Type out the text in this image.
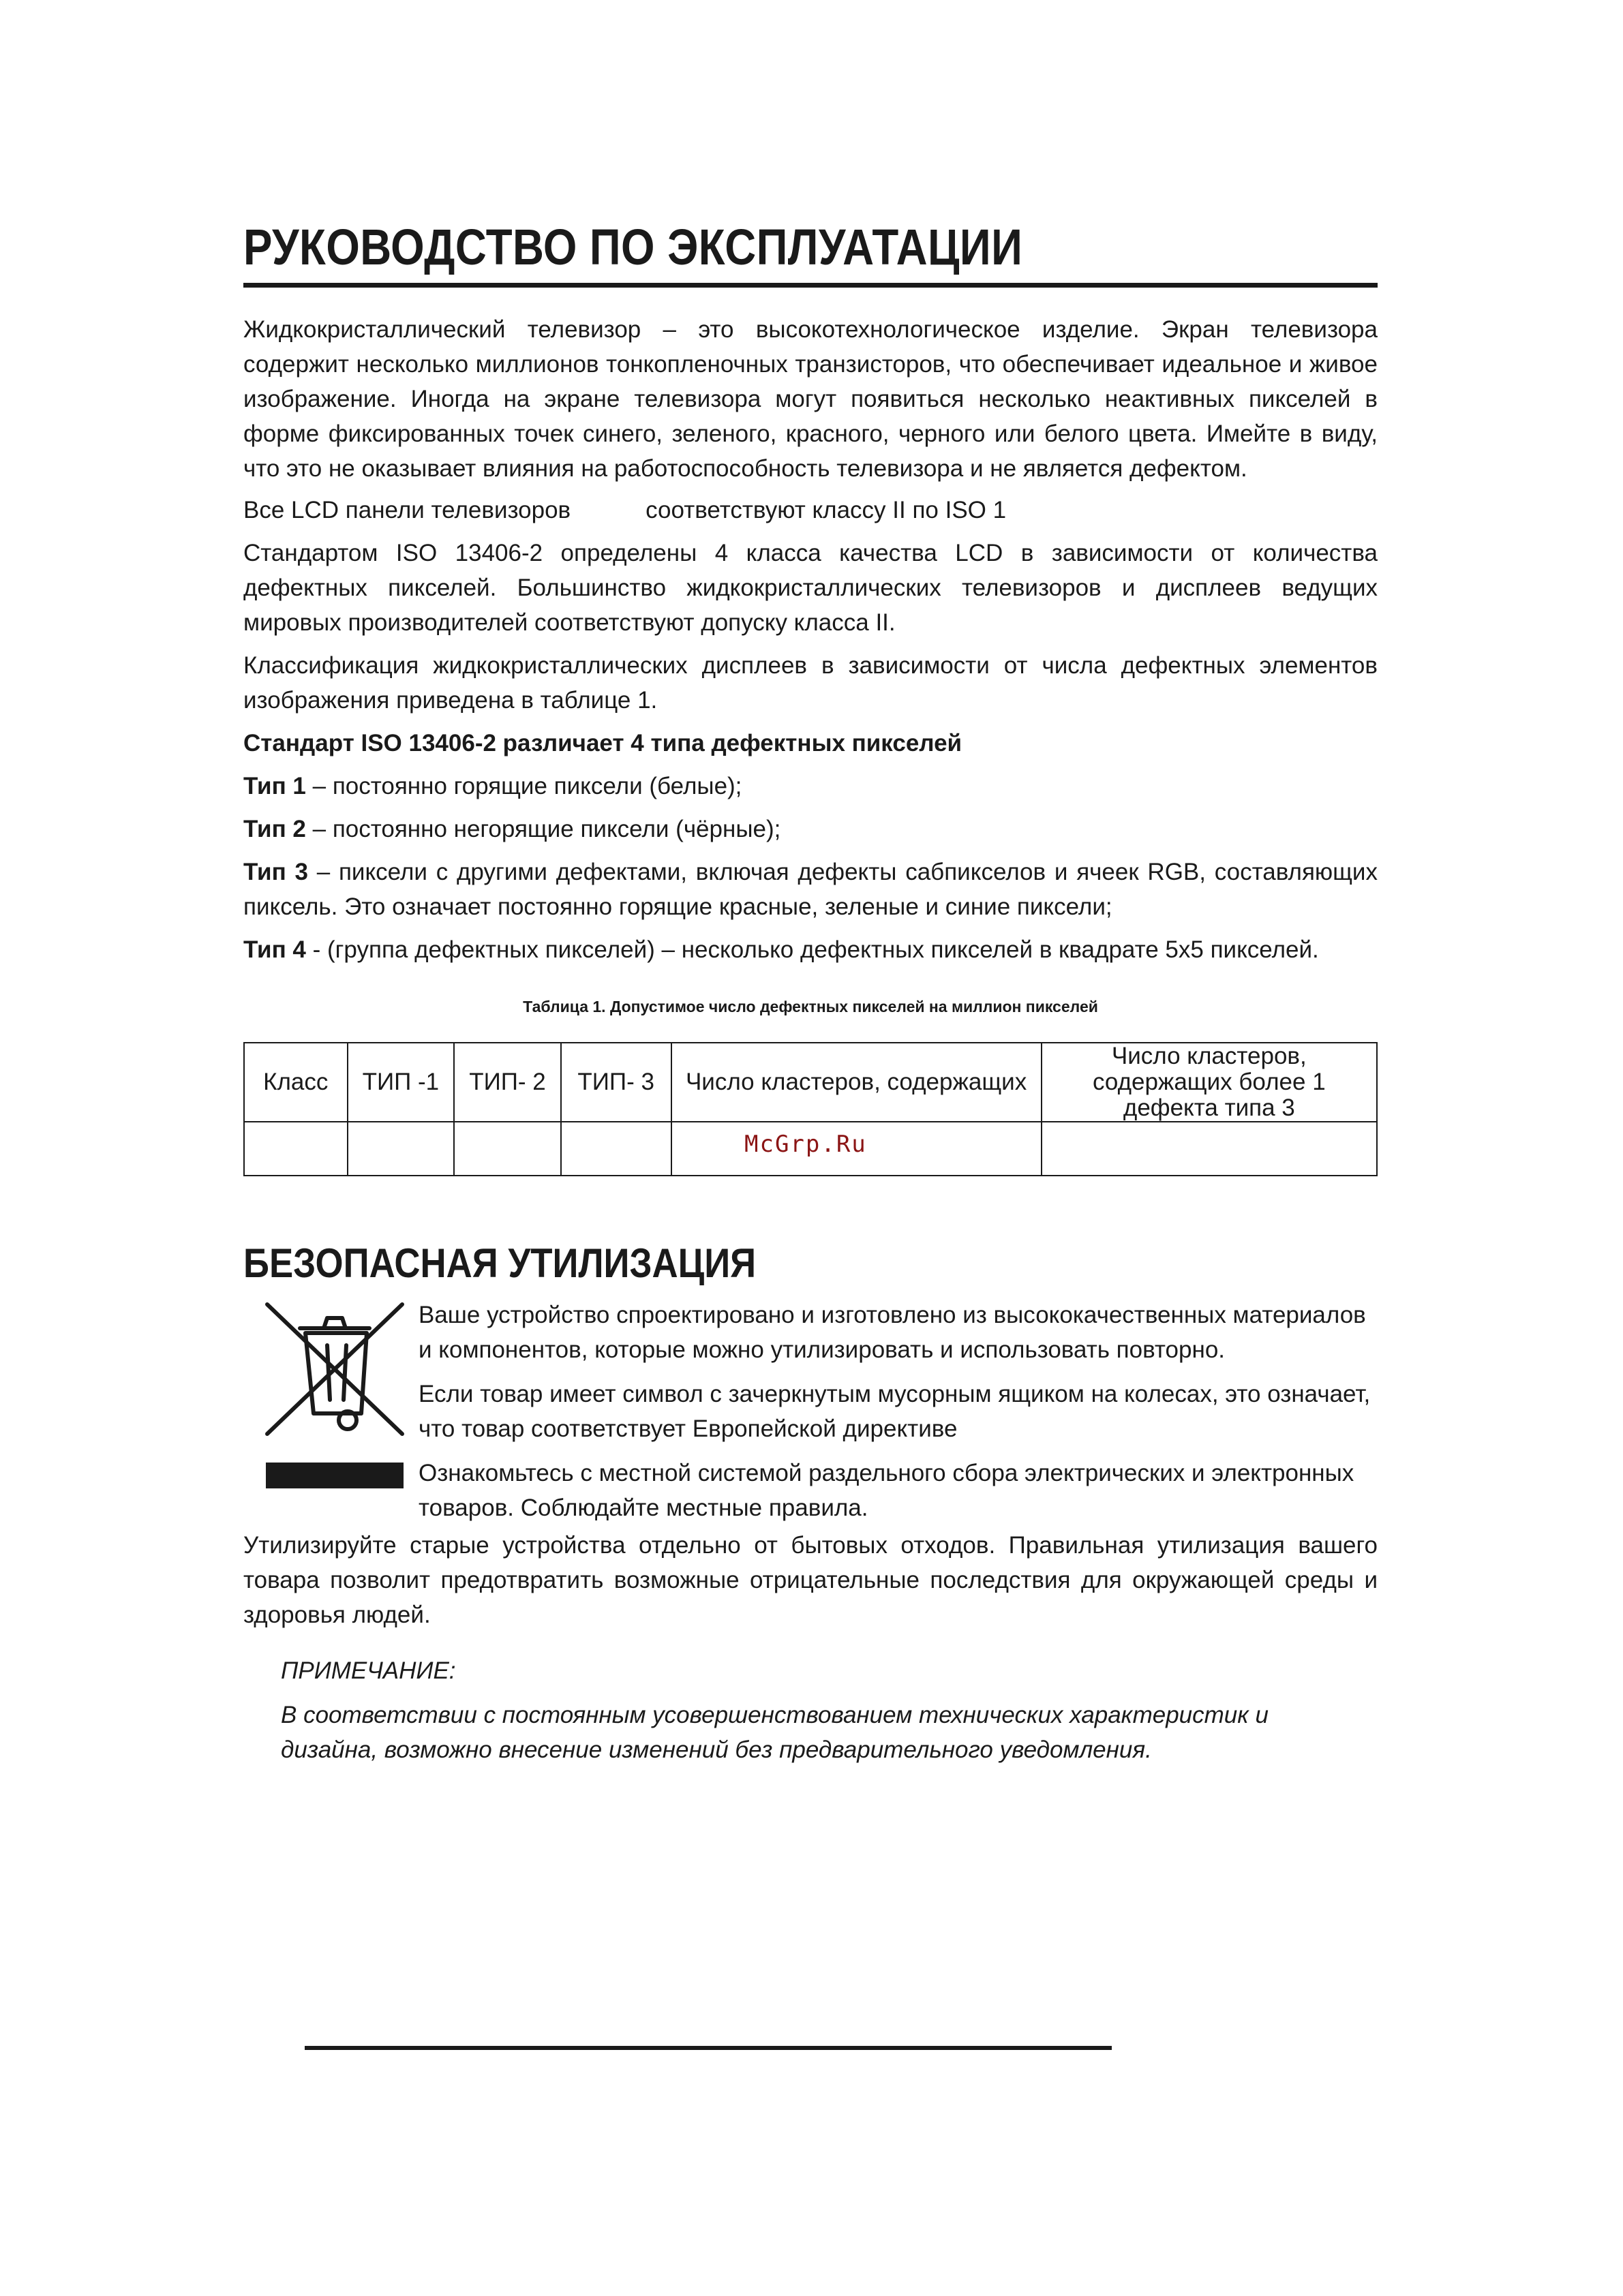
РУКОВОДСТВО ПО ЭКСПЛУАТАЦИИ

Жидкокристаллический телевизор – это высокотехнологическое изделие. Экран телевизора содержит несколько миллионов тонкопленочных транзисторов, что обеспечивает идеальное и живое изображение. Иногда на экране телевизора могут появиться несколько неактивных пикселей в форме фиксированных точек синего, зеленого, красного, черного или белого цвета. Имейте в виду, что это не оказывает влияния на работоспособность телевизора и не является дефектом.

Все LCD панели телевизоров	соответствуют классу II по ISO 1

Стандартом ISO 13406-2 определены 4 класса качества LCD в зависимости от количества дефектных пикселей. Большинство жидкокристаллических телевизоров и дисплеев ведущих мировых производителей соответствуют допуску класса II.

Классификация жидкокристаллических дисплеев в зависимости от числа дефектных элементов изображения приведена в таблице 1.

Стандарт ISO 13406-2 различает 4 типа дефектных пикселей

Тип 1 – постоянно горящие пиксели (белые);

Тип 2 – постоянно негорящие пиксели (чёрные);

Тип 3 – пиксели с другими дефектами, включая дефекты сабпикселов и ячеек RGB, составляющих пиксель. Это означает постоянно горящие красные, зеленые и синие пиксели;

Тип 4 - (группа дефектных пикселей) – несколько дефектных пикселей в квадрате 5х5 пикселей.

Таблица 1. Допустимое число дефектных пикселей на миллион пикселей
Класс	ТИП -1	ТИП- 2	ТИП- 3	Число кластеров, содержащих	Число кластеров, содержащих более 1 дефекта типа 3

McGrp.Ru
БЕЗОПАСНАЯ УТИЛИЗАЦИЯ

Ваше устройство спроектировано и изготовлено из высококачественных материалов и компонентов, которые можно утилизировать и использовать повторно.

Если товар имеет символ с зачеркнутым мусорным ящиком на колесах, это означает, что товар соответствует Европейской директиве

Ознакомьтесь с местной системой раздельного сбора электрических и электронных товаров. Соблюдайте местные правила.

Утилизируйте старые устройства отдельно от бытовых отходов. Правильная утилизация вашего товара позволит предотвратить возможные отрицательные последствия для окружающей среды и здоровья людей.

ПРИМЕЧАНИЕ:

В соответствии с постоянным усовершенствованием технических характеристик и дизайна, возможно внесение изменений без предварительного уведомления.
